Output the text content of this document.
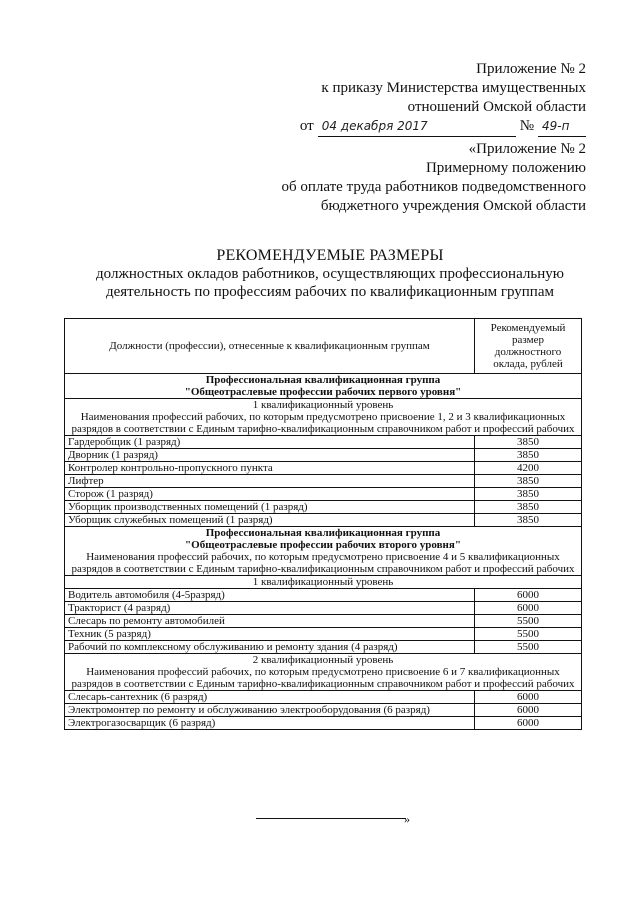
Приложение № 2
к приказу Министерства имущественных
отношений Омской области
от 04 декабря 2017	№ 49-п
«Приложение № 2
Примерному положению
об оплате труда работников подведомственного
бюджетного учреждения Омской области
РЕКОМЕНДУЕМЫЕ РАЗМЕРЫ
должностных окладов работников, осуществляющих профессиональную
деятельность по профессиям рабочих по квалификационным группам
Должности (профессии), отнесенные к квалификационным группам	Рекомендуемый размер должностного оклада, рублей

Профессиональная квалификационная группа
"Общеотраслевые профессии рабочих первого уровня"	

1 квалификационный уровень
Наименования профессий рабочих, по которым предусмотрено присвоение 1, 2 и 3 квалификационных разрядов в соответствии с Единым тарифно-квалификационным справочником работ и профессий рабочих	

Гардеробщик (1 разряд)	3850
Дворник (1 разряд)	3850
Контролер контрольно-пропускного пункта	4200
Лифтер	3850
Сторож (1 разряд)	3850
Уборщик производственных помещений (1 разряд)	3850
Уборщик служебных помещений (1 разряд)	3850

Профессиональная квалификационная группа
"Общеотраслевые профессии рабочих второго уровня"
Наименования профессий рабочих, по которым предусмотрено присвоение 4 и 5 квалификационных разрядов в соответствии с Единым тарифно-квалификационным справочником работ и профессий рабочих	

1 квалификационный уровень	
Водитель автомобиля (4-5разряд)	6000
Тракторист (4 разряд)	6000
Слесарь по ремонту автомобилей	5500
Техник (5 разряд)	5500
Рабочий по комплексному обслуживанию и ремонту здания (4 разряд)	5500

2 квалификационный уровень
Наименования профессий рабочих, по которым предусмотрено присвоение 6 и 7 квалификационных разрядов в соответствии с Единым тарифно-квалификационным справочником работ и профессий рабочих	

Слесарь-сантехник (6 разряд)	6000
Электромонтер по ремонту и обслуживанию электрооборудования (6 разряд)	6000
Электрогазосварщик (6 разряд)	6000
»
